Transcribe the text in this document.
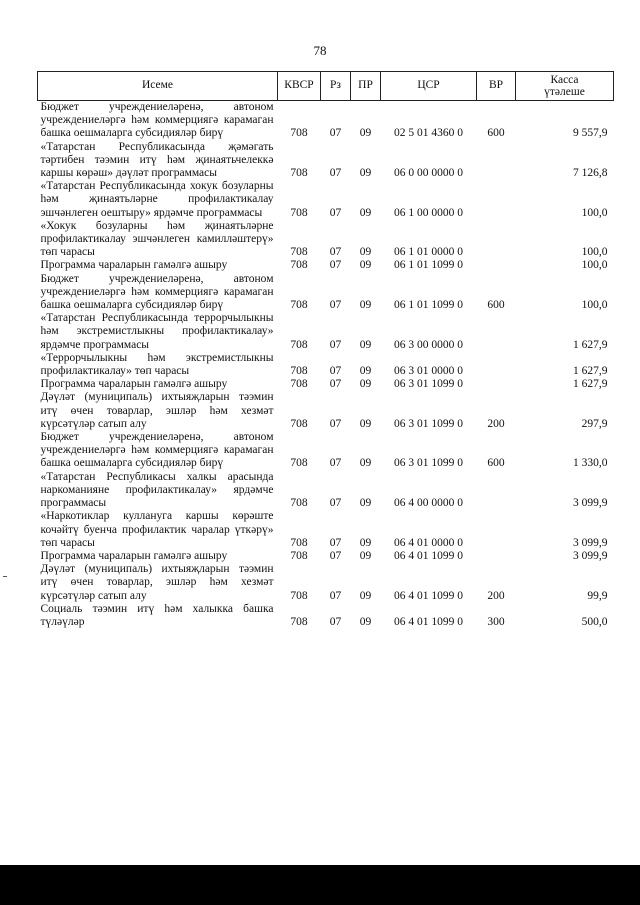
78
Исеме	КВСР	Рз	ПР	ЦСР	ВР	Касса
үтәлеше

Бюджет учреждениеләренә, автоном учреждениеләргә һәм коммерциягә карамаган башка оешмаларга субсидияләр бирү	708	07	09	02 5 01 4360 0	600	9 557,9
«Татарстан Республикасында җәмәгать тәртибен тәэмин итү һәм җинаятьчелеккә каршы көрәш» дәүләт программасы	708	07	09	06 0 00 0000 0		7 126,8
«Татарстан Республикасында хокук бозуларны һәм җинаятьләрне профилактикалау эшчәнлеген оештыру» ярдәмче программасы	708	07	09	06 1 00 0000 0		100,0
«Хокук бозуларны һәм җинаятьләрне профилактикалау эшчәнлеген камилләштерү» төп чарасы	708	07	09	06 1 01 0000 0		100,0
Программа чараларын гамәлгә ашыру	708	07	09	06 1 01 1099 0		100,0
Бюджет учреждениеләренә, автоном учреждениеләргә һәм коммерциягә карамаган башка оешмаларга субсидияләр бирү	708	07	09	06 1 01 1099 0	600	100,0
«Татарстан Республикасында террорчылыкны һәм экстремистлыкны профилактикалау» ярдәмче программасы	708	07	09	06 3 00 0000 0		1 627,9
«Террорчылыкны һәм экстремистлыкны профилактикалау» төп чарасы	708	07	09	06 3 01 0000 0		1 627,9
Программа чараларын гамәлгә ашыру	708	07	09	06 3 01 1099 0		1 627,9
Дәүләт (муниципаль) ихтыяҗларын тәэмин итү өчен товарлар, эшләр һәм хезмәт күрсәтүләр сатып алу	708	07	09	06 3 01 1099 0	200	297,9
Бюджет учреждениеләренә, автоном учреждениеләргә һәм коммерциягә карамаган башка оешмаларга субсидияләр бирү	708	07	09	06 3 01 1099 0	600	1 330,0
«Татарстан Республикасы халкы арасында наркоманияне профилактикалау» ярдәмче программасы	708	07	09	06 4 00 0000 0		3 099,9
«Наркотиклар куллануга каршы көрәште кочәйтү буенча профилактик чаралар үткәрү» төп чарасы	708	07	09	06 4 01 0000 0		3 099,9
Программа чараларын гамәлгә ашыру	708	07	09	06 4 01 1099 0		3 099,9
Дәүләт (муниципаль) ихтыяҗларын тәэмин итү өчен товарлар, эшләр һәм хезмәт күрсәтүләр сатып алу	708	07	09	06 4 01 1099 0	200	99,9
Социаль тәэмин итү һәм халыкка башка түләүләр	708	07	09	06 4 01 1099 0	300	500,0
